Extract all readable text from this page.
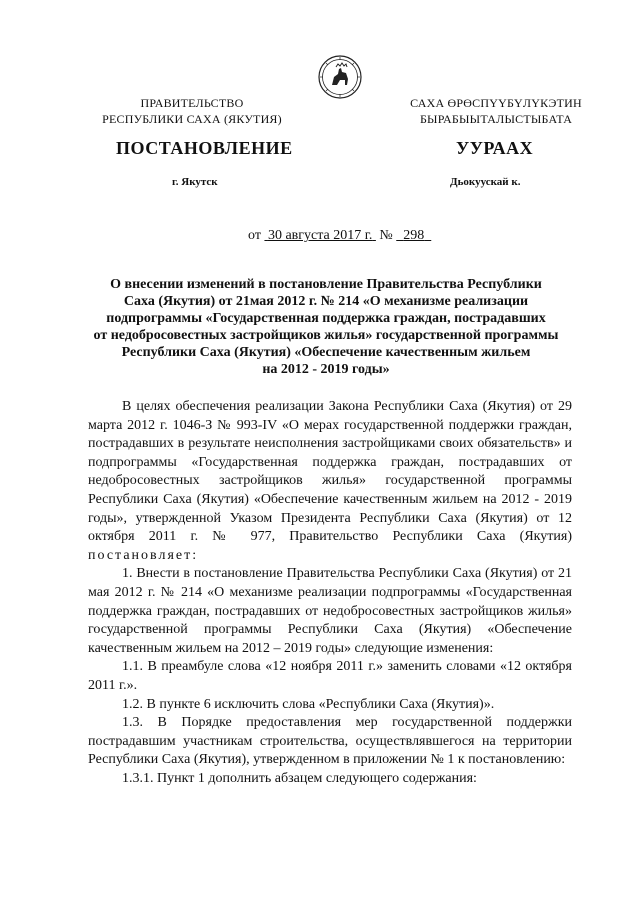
ПРАВИТЕЛЬСТВО
РЕСПУБЛИКИ САХА (ЯКУТИЯ)
САХА ӨРӨСПҮҮБҮЛҮКЭТИН
БЫРАБЫЫТАЛЫСТЫБАТА
ПОСТАНОВЛЕНИЕ	УУРААХ
г. Якутск	Дьокуускай к.
от 30 августа 2017 г. № 298
О внесении изменений в постановление Правительства Республики
Саха (Якутия) от 21мая 2012 г. № 214 «О механизме реализации
подпрограммы «Государственная поддержка граждан, пострадавших
от недобросовестных застройщиков жилья» государственной программы
Республики Саха (Якутия) «Обеспечение качественным жильем
на 2012 - 2019 годы»

В целях обеспечения реализации Закона Республики Саха (Якутия) от 29 марта 2012 г. 1046-З № 993-IV «О мерах государственной поддержки граждан, пострадавших в результате неисполнения застройщиками своих обязательств» и подпрограммы «Государственная поддержка граждан, пострадавших от недобросовестных застройщиков жилья» государственной программы Республики Саха (Якутия) «Обеспечение качественным жильем на 2012 - 2019 годы», утвержденной Указом Президента Республики Саха (Якутия) от 12 октября 2011 г. № 977, Правительство Республики Саха (Якутия) постановляет:

1. Внести в постановление Правительства Республики Саха (Якутия) от 21 мая 2012 г. № 214 «О механизме реализации подпрограммы «Государственная поддержка граждан, пострадавших от недобросовестных застройщиков жилья» государственной программы Республики Саха (Якутия) «Обеспечение качественным жильем на 2012 – 2019 годы» следующие изменения:

1.1. В преамбуле слова «12 ноября 2011 г.» заменить словами «12 октября 2011 г.».

1.2. В пункте 6 исключить слова «Республики Саха (Якутия)».

1.3. В Порядке предоставления мер государственной поддержки пострадавшим участникам строительства, осуществлявшегося на территории Республики Саха (Якутия), утвержденном в приложении № 1 к постановлению:

1.3.1. Пункт 1 дополнить абзацем следующего содержания:
